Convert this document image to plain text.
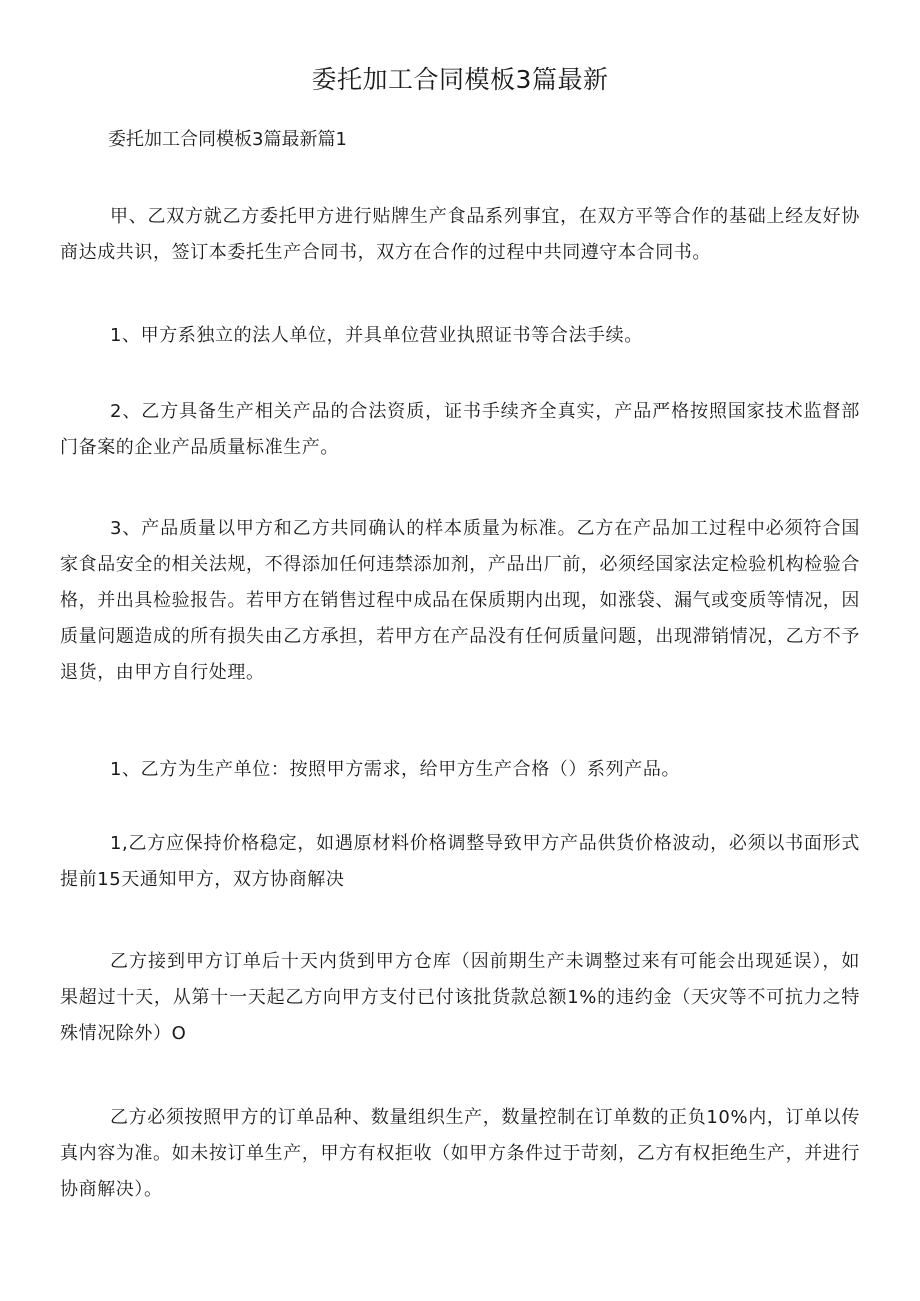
委托加工合同模板3篇最新
委托加工合同模板3篇最新篇1

甲、乙双方就乙方委托甲方进行贴牌生产食品系列事宜，在双方平等合作的基础上经友好协商达成共识，签订本委托生产合同书，双方在合作的过程中共同遵守本合同书。

1、甲方系独立的法人单位，并具单位营业执照证书等合法手续。

2、乙方具备生产相关产品的合法资质，证书手续齐全真实，产品严格按照国家技术监督部门备案的企业产品质量标准生产。

3、产品质量以甲方和乙方共同确认的样本质量为标准。乙方在产品加工过程中必须符合国家食品安全的相关法规，不得添加任何违禁添加剂，产品出厂前，必须经国家法定检验机构检验合格，并出具检验报告。若甲方在销售过程中成品在保质期内出现，如涨袋、漏气或变质等情况，因质量问题造成的所有损失由乙方承担，若甲方在产品没有任何质量问题，出现滞销情况，乙方不予退货，由甲方自行处理。

1、乙方为生产单位：按照甲方需求，给甲方生产合格（）系列产品。

1,乙方应保持价格稳定，如遇原材料价格调整导致甲方产品供货价格波动，必须以书面形式提前15天通知甲方，双方协商解决

乙方接到甲方订单后十天内货到甲方仓库（因前期生产未调整过来有可能会出现延误），如果超过十天，从第十一天起乙方向甲方支付已付该批货款总额1%的违约金（天灾等不可抗力之特殊情况除外）O

乙方必须按照甲方的订单品种、数量组织生产，数量控制在订单数的正负10%内，订单以传真内容为准。如未按订单生产，甲方有权拒收（如甲方条件过于苛刻，乙方有权拒绝生产，并进行协商解决）。
